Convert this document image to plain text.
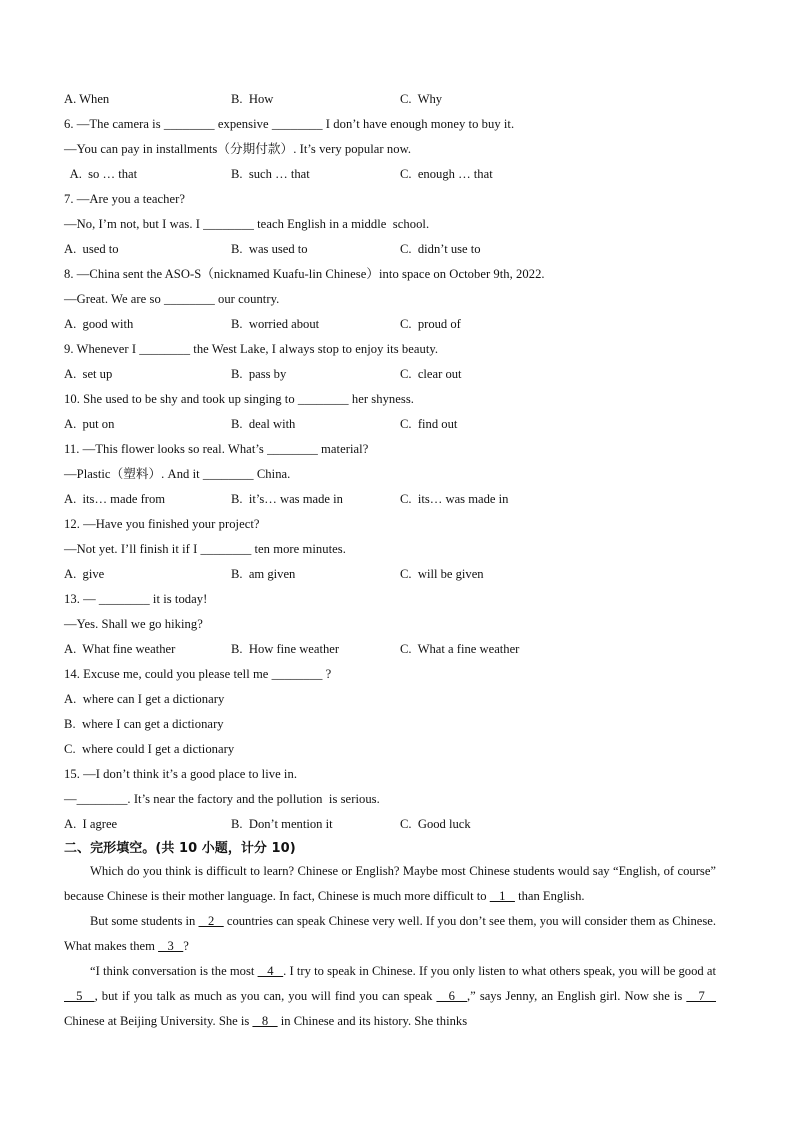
A. When	B.  How	C.  Why
6. —The camera is ________ expensive ________ I don’t have enough money to buy it.
—You can pay in installments（分期付款）. It’s very popular now.
A.  so … that	B.  such … that	C.  enough … that
7. —Are you a teacher?
—No, I’m not, but I was. I ________ teach English in a middle  school.
A.  used to	B.  was used to	C.  didn’t use to
8. —China sent the ASO-S（nicknamed Kuafu-lin Chinese）into space on October 9th, 2022.
—Great. We are so ________ our country.
A.  good with	B.  worried about	C.  proud of
9. Whenever I ________ the West Lake, I always stop to enjoy its beauty.
A.  set up	B.  pass by	C.  clear out
10. She used to be shy and took up singing to ________ her shyness.
A.  put on	B.  deal with	C.  find out
11. —This flower looks so real. What’s ________ material?
—Plastic（塑料）. And it ________ China.
A.  its… made from	B.  it’s… was made in	C.  its… was made in
12. —Have you finished your project?
—Not yet. I’ll finish it if I ________ ten more minutes.
A.  give	B.  am given	C.  will be given
13. — ________ it is today!
—Yes. Shall we go hiking?
A.  What fine weather	B.  How fine weather	C.  What a fine weather
14. Excuse me, could you please tell me ________ ?
A.  where can I get a dictionary
B.  where I can get a dictionary
C.  where could I get a dictionary
15. —I don’t think it’s a good place to live in.
—________. It’s near the factory and the pollution  is serious.
A.  I agree	B.  Don’t mention it	C.  Good luck
二、完形填空。(共 10 小题，计分 10)

Which do you think is difficult to learn? Chinese or English? Maybe most Chinese students would say “English, of course” because Chinese is their mother language. In fact, Chinese is much more difficult to    1    than English.

But some students in    2    countries can speak Chinese very well. If you don’t see them, you will consider them as Chinese. What makes them    3   ?

“I think conversation is the most    4   . I try to speak in Chinese. If you only listen to what others speak, you will be good at    5   , but if you talk as much as you can, you will find you can speak    6   ,” says Jenny, an English girl. Now she is    7    Chinese at Beijing University. She is    8    in Chinese and its history. She thinks
